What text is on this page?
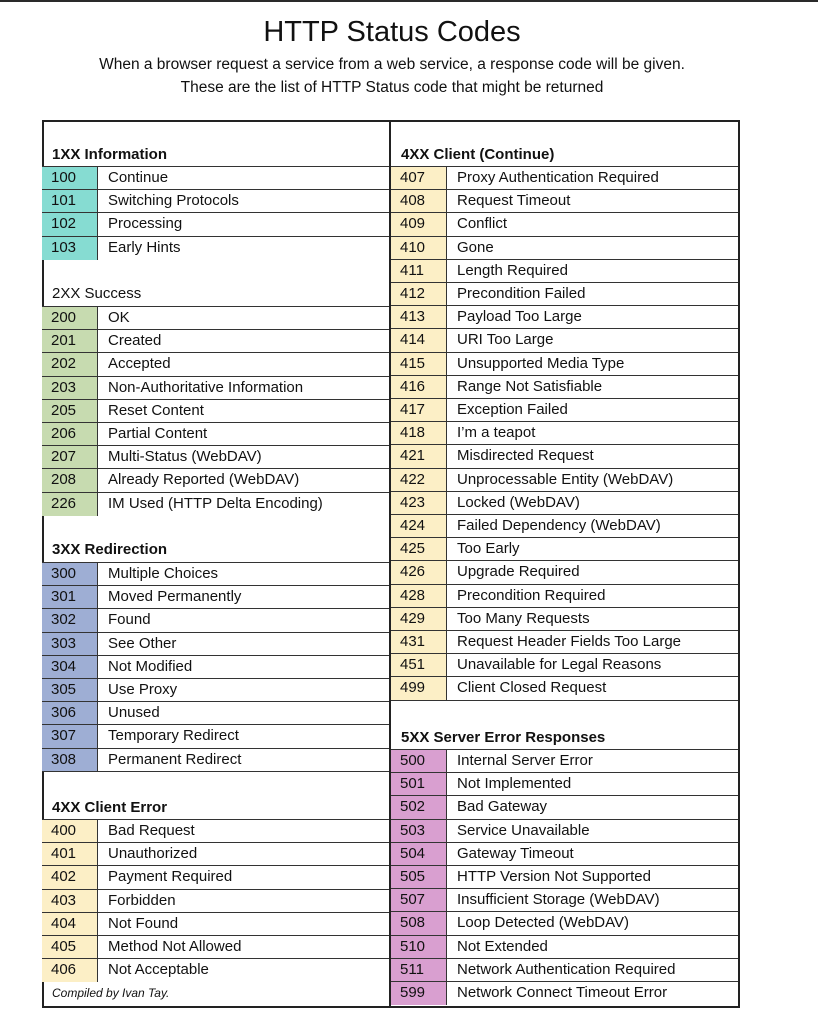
HTTP Status Codes
When a browser request a service from a web service, a response code will be given.
These are the list of HTTP Status code that might be returned
1XX Information
100	Continue
101	Switching Protocols
102	Processing
103	Early Hints
2XX Success
200	OK
201	Created
202	Accepted
203	Non-Authoritative Information
205	Reset Content
206	Partial Content
207	Multi-Status (WebDAV)
208	Already Reported (WebDAV)
226	IM Used (HTTP Delta Encoding)
3XX Redirection
300	Multiple Choices
301	Moved Permanently
302	Found
303	See Other
304	Not Modified
305	Use Proxy
306	Unused
307	Temporary Redirect
308	Permanent Redirect
4XX Client Error
400	Bad Request
401	Unauthorized
402	Payment Required
403	Forbidden
404	Not Found
405	Method Not Allowed
406	Not Acceptable
Compiled by Ivan Tay.
4XX Client (Continue)
407	Proxy Authentication Required
408	Request Timeout
409	Conflict
410	Gone
411	Length Required
412	Precondition Failed
413	Payload Too Large
414	URI Too Large
415	Unsupported Media Type
416	Range Not Satisfiable
417	Exception Failed
418	I’m a teapot
421	Misdirected Request
422	Unprocessable Entity (WebDAV)
423	Locked (WebDAV)
424	Failed Dependency (WebDAV)
425	Too Early
426	Upgrade Required
428	Precondition Required
429	Too Many Requests
431	Request Header Fields Too Large
451	Unavailable for Legal Reasons
499	Client Closed Request
5XX Server Error Responses
500	Internal Server Error
501	Not Implemented
502	Bad Gateway
503	Service Unavailable
504	Gateway Timeout
505	HTTP Version Not Supported
507	Insufficient Storage (WebDAV)
508	Loop Detected (WebDAV)
510	Not Extended
511	Network Authentication Required
599	Network Connect Timeout Error
